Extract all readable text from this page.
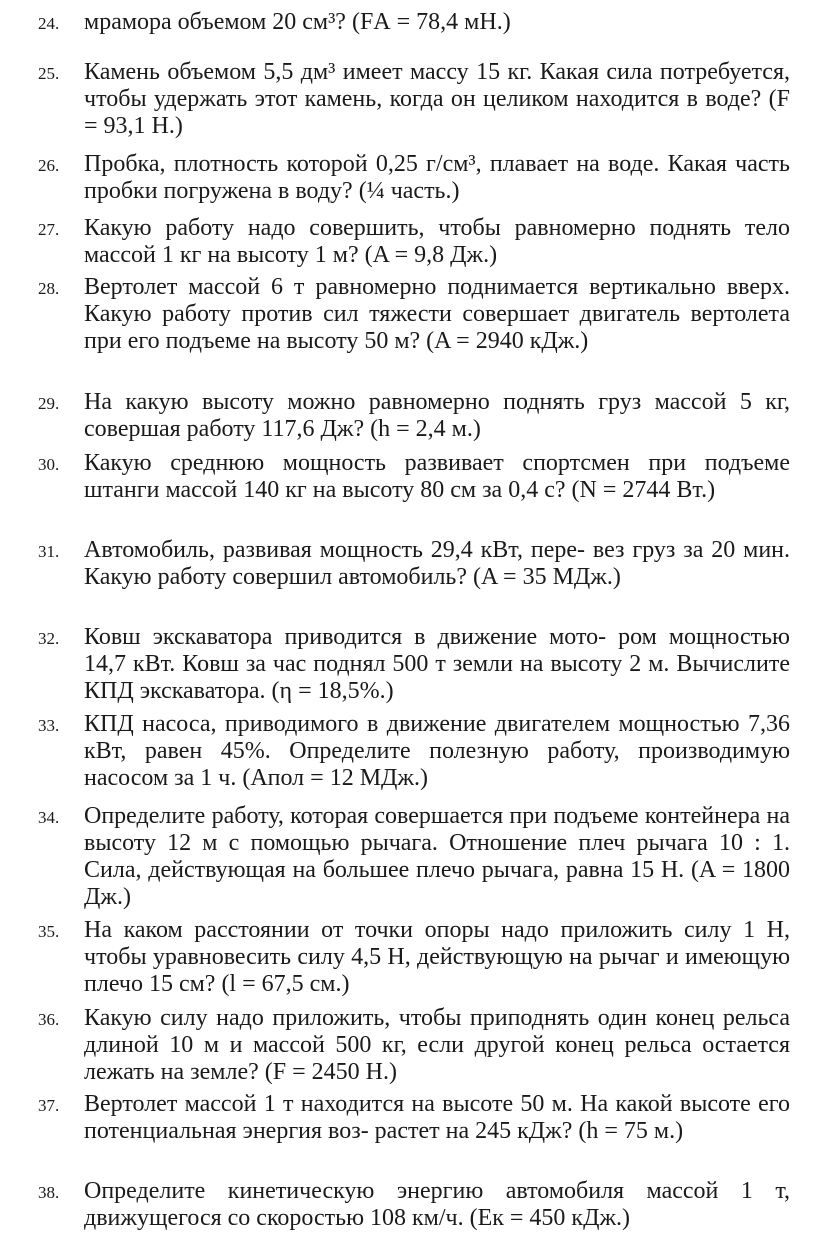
24.	мрамора объемом 20 см³? (FА = 78,4 мН.)
25.	Камень объемом 5,5 дм³ имеет массу 15 кг. Какая сила потребуется, чтобы удержать этот камень, когда он целиком находится в воде? (F = 93,1 Н.)
26.	Пробка, плотность которой 0,25 г/см³, плавает на воде. Какая часть пробки погружена в воду? (¼ часть.)
27.	Какую работу надо совершить, чтобы равномерно поднять тело массой 1 кг на высоту 1 м? (A = 9,8 Дж.)
28.	Вертолет массой 6 т равномерно поднимается вертикально вверх. Какую работу против сил тяжести совершает двигатель вертолета при его подъеме на высоту 50 м? (A = 2940 кДж.)
29.	На какую высоту можно равномерно поднять груз массой 5 кг, совершая работу 117,6 Дж? (h = 2,4 м.)
30.	Какую среднюю мощность развивает спортсмен при подъеме штанги массой 140 кг на высоту 80 см за 0,4 с? (N = 2744 Вт.)
31.	Автомобиль, развивая мощность 29,4 кВт, пере- вез груз за 20 мин. Какую работу совершил автомобиль? (A = 35 МДж.)
32.	Ковш экскаватора приводится в движение мото- ром мощностью 14,7 кВт. Ковш за час поднял 500 т земли на высоту 2 м. Вычислите КПД экскаватора. (η = 18,5%.)
33.	КПД насоса, приводимого в движение двигателем мощностью 7,36 кВт, равен 45%. Определите полезную работу, производимую насосом за 1 ч. (Aпол = 12 МДж.)
34.	Определите работу, которая совершается при подъеме контейнера на высоту 12 м с помощью рычага. Отношение плеч рычага 10 : 1. Сила, действующая на большее плечо рычага, равна 15 Н. (A = 1800 Дж.)
35.	На каком расстоянии от точки опоры надо приложить силу 1 Н, чтобы уравновесить силу 4,5 Н, действующую на рычаг и имеющую плечо 15 см? (l = 67,5 см.)
36.	Какую силу надо приложить, чтобы приподнять один конец рельса длиной 10 м и массой 500 кг, если другой конец рельса остается лежать на земле? (F = 2450 Н.)
37.	Вертолет массой 1 т находится на высоте 50 м. На какой высоте его потенциальная энергия воз- растет на 245 кДж? (h = 75 м.)
38.	Определите кинетическую энергию автомобиля массой 1 т, движущегося со скоростью 108 км/ч. (Eк = 450 кДж.)
